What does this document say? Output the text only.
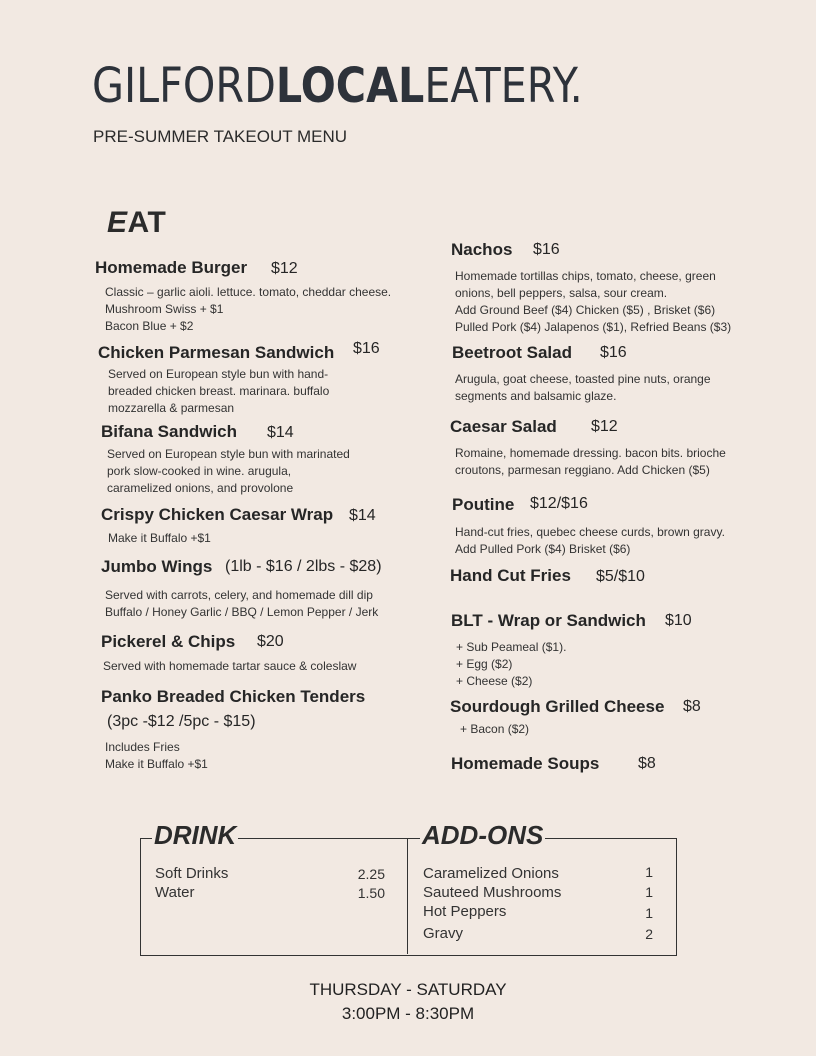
GILFORDLOCALEATERY.
PRE-SUMMER TAKEOUT MENU
EAT
Homemade Burger $12
Classic – garlic aioli. lettuce. tomato, cheddar cheese.
Mushroom Swiss + $1
Bacon Blue + $2
Chicken Parmesan Sandwich $16
Served on European style bun with hand-
breaded chicken breast. marinara. buffalo
mozzarella & parmesan
Bifana Sandwich $14
Served on European style bun with marinated
pork slow-cooked in wine. arugula,
caramelized onions, and provolone
Crispy Chicken Caesar Wrap $14
Make it Buffalo +$1
Jumbo Wings (1lb - $16 / 2lbs - $28)
Served with carrots, celery, and homemade dill dip
Buffalo / Honey Garlic / BBQ / Lemon Pepper / Jerk
Pickerel & Chips $20
Served with homemade tartar sauce & coleslaw
Panko Breaded Chicken Tenders
(3pc -$12 /5pc - $15)
Includes Fries
Make it Buffalo +$1
Nachos $16
Homemade tortillas chips, tomato, cheese, green
onions, bell peppers, salsa, sour cream.
Add Ground Beef ($4) Chicken ($5) , Brisket ($6)
Pulled Pork ($4) Jalapenos ($1), Refried Beans ($3)
Beetroot Salad $16
Arugula, goat cheese, toasted pine nuts, orange
segments and balsamic glaze.
Caesar Salad $12
Romaine, homemade dressing. bacon bits. brioche
croutons, parmesan reggiano. Add Chicken ($5)
Poutine $12/$16
Hand-cut fries, quebec cheese curds, brown gravy.
Add Pulled Pork ($4) Brisket ($6)
Hand Cut Fries $5/$10
BLT - Wrap or Sandwich $10
+ Sub Peameal ($1).
+ Egg ($2)
+ Cheese ($2)
Sourdough Grilled Cheese $8
+ Bacon ($2)
Homemade Soups $8
DRINK	ADD-ONS
Soft Drinks	2.25
Water	1.50
Caramelized Onions	1
Sauteed Mushrooms	1
Hot Peppers	1
Gravy	2
THURSDAY - SATURDAY
3:00PM - 8:30PM
